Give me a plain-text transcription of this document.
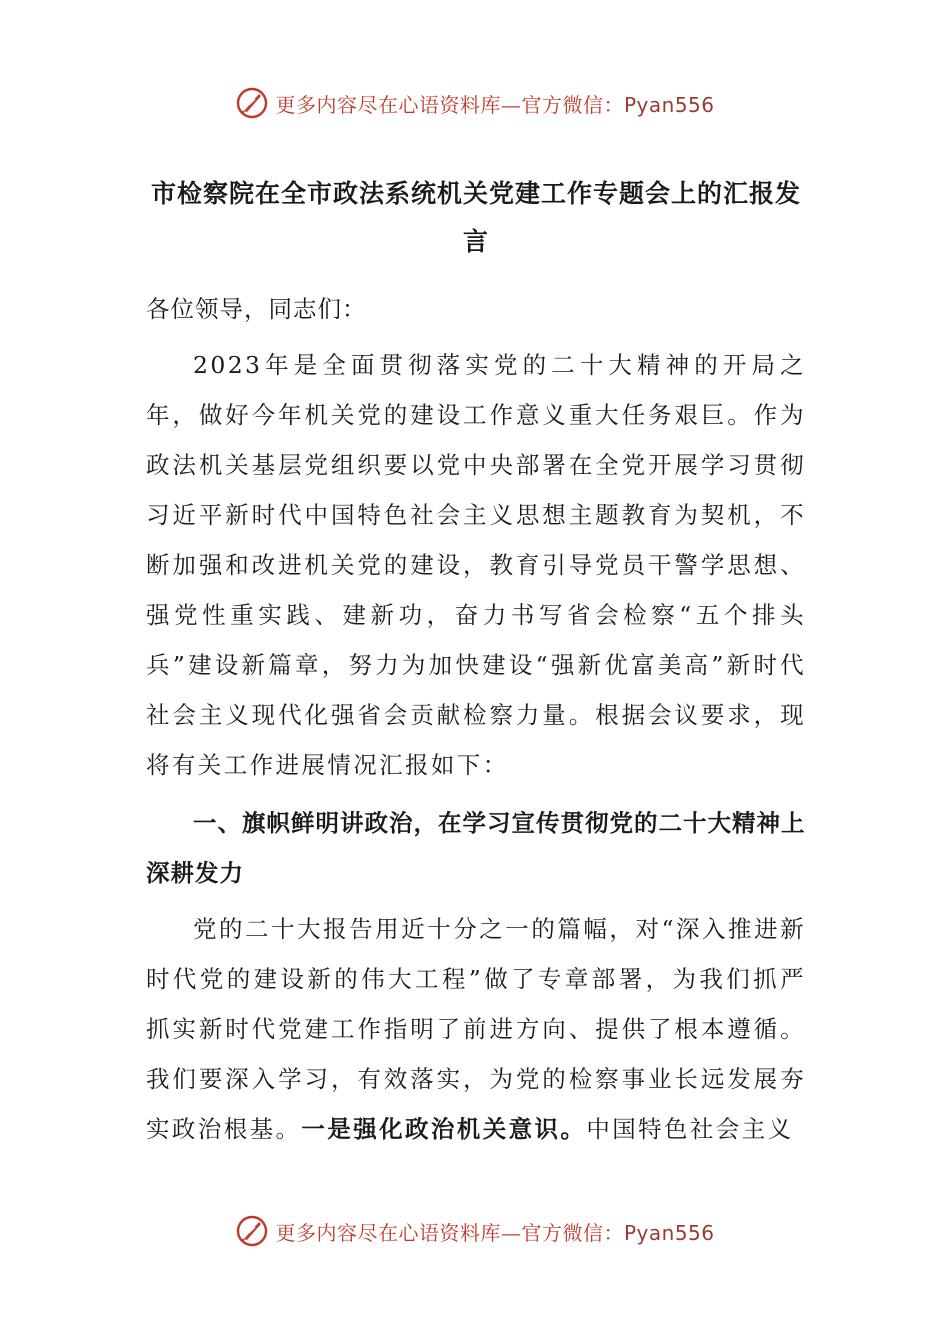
更多内容尽在心语资料库—官方微信：Pyan556
市检察院在全市政法系统机关党建工作专题会上的汇报发言

各位领导，同志们：

2023年是全面贯彻落实党的二十大精神的开局之年，做好今年机关党的建设工作意义重大任务艰巨。作为政法机关基层党组织要以党中央部署在全党开展学习贯彻习近平新时代中国特色社会主义思想主题教育为契机，不断加强和改进机关党的建设，教育引导党员干警学思想、强党性重实践、建新功，奋力书写省会检察“五个排头兵”建设新篇章，努力为加快建设“强新优富美高”新时代社会主义现代化强省会贡献检察力量。根据会议要求，现将有关工作进展情况汇报如下：

一、旗帜鲜明讲政治，在学习宣传贯彻党的二十大精神上深耕发力

党的二十大报告用近十分之一的篇幅，对“深入推进新时代党的建设新的伟大工程”做了专章部署，为我们抓严抓实新时代党建工作指明了前进方向、提供了根本遵循。我们要深入学习，有效落实，为党的检察事业长远发展夯实政治根基。一是强化政治机关意识。中国特色社会主义

更多内容尽在心语资料库—官方微信：Pyan556
